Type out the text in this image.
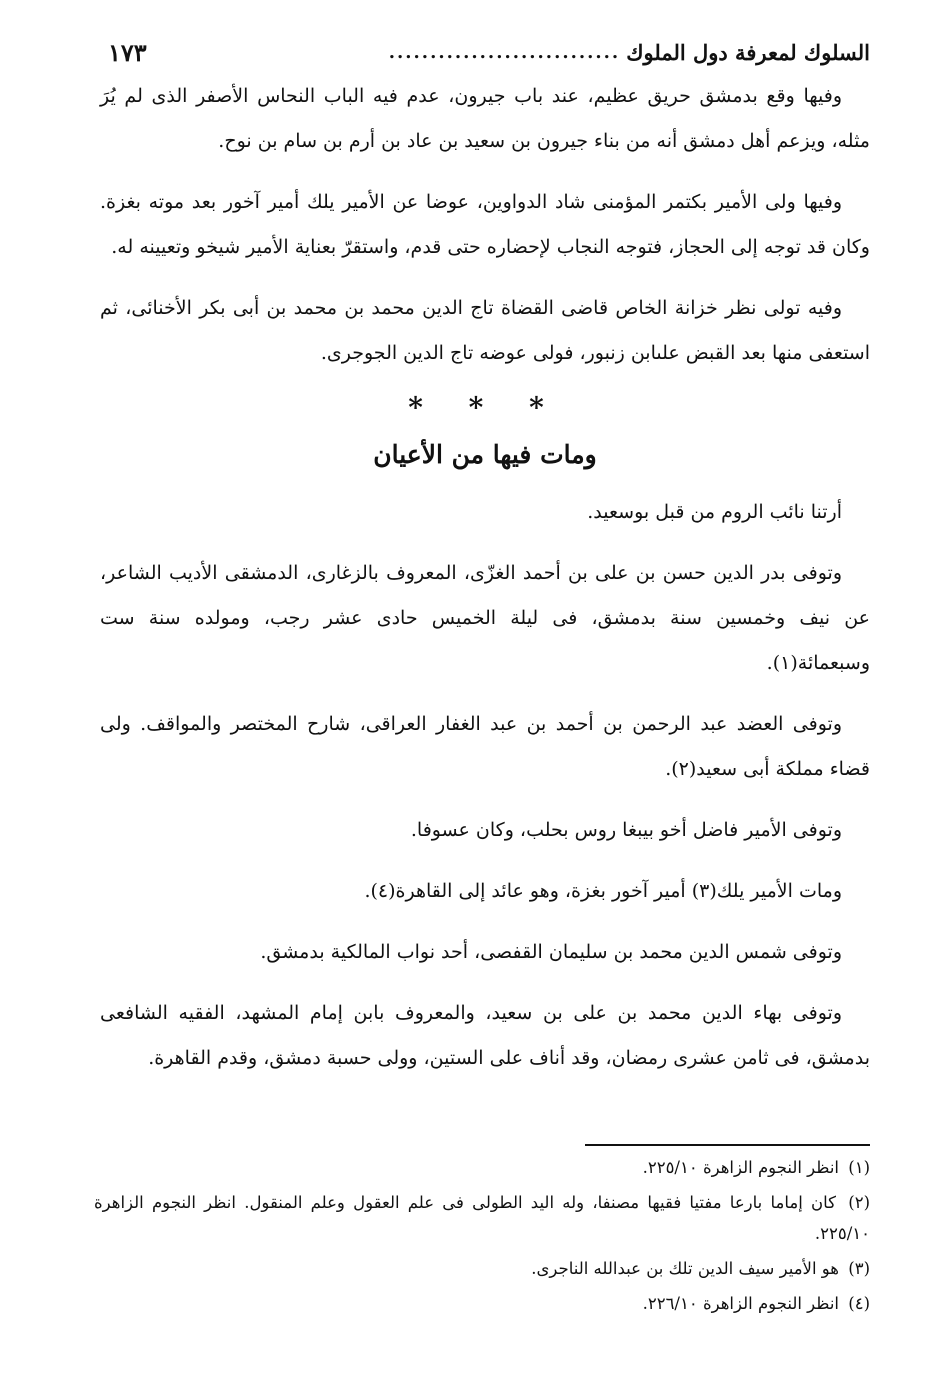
السلوك لمعرفة دول الملوك
............................
١٧٣

وفيها وقع بدمشق حريق عظيم، عند باب جيرون، عدم فيه الباب النحاس الأصفر الذى لم يُرَ مثله، ويزعم أهل دمشق أنه من بناء جيرون بن سعيد بن عاد بن أرم بن سام بن نوح.

وفيها ولى الأمير بكتمر المؤمنى شاد الدواوين، عوضا عن الأمير يلك أمير آخور بعد موته بغزة. وكان قد توجه إلى الحجاز، فتوجه النجاب لإحضاره حتى قدم، واستقرّ بعناية الأمير شيخو وتعيينه له.

وفيه تولى نظر خزانة الخاص قاضى القضاة تاج الدين محمد بن محمد بن أبى بكر الأخنائى، ثم استعفى منها بعد القبض علىابن زنبور، فولى عوضه تاج الدين الجوجرى.

* * *
ومات فيها من الأعيان

أرتنا نائب الروم من قبل بوسعيد.

وتوفى بدر الدين حسن بن على بن أحمد الغزّى، المعروف بالزغارى، الدمشقى الأديب الشاعر، عن نيف وخمسين سنة بدمشق، فى ليلة الخميس حادى عشر رجب، ومولده سنة ست وسبعمائة(١).

وتوفى العضد عبد الرحمن بن أحمد بن عبد الغفار العراقى، شارح المختصر والمواقف. ولى قضاء مملكة أبى سعيد(٢).

وتوفى الأمير فاضل أخو بيبغا روس بحلب، وكان عسوفا.

ومات الأمير يلك(٣) أمير آخور بغزة، وهو عائد إلى القاهرة(٤).

وتوفى شمس الدين محمد بن سليمان القفصى، أحد نواب المالكية بدمشق.

وتوفى بهاء الدين محمد بن على بن سعيد، والمعروف بابن إمام المشهد، الفقيه الشافعى بدمشق، فى ثامن عشرى رمضان، وقد أناف على الستين، وولى حسبة دمشق، وقدم القاهرة.

(١) انظر النجوم الزاهرة ٢٢٥/١٠.

(٢) كان إماما بارعا مفتيا فقيها مصنفا، وله اليد الطولى فى علم العقول وعلم المنقول. انظر النجوم الزاهرة ٢٢٥/١٠.

(٣) هو الأمير سيف الدين تلك بن عبدالله الناجرى.

(٤) انظر النجوم الزاهرة ٢٢٦/١٠.
